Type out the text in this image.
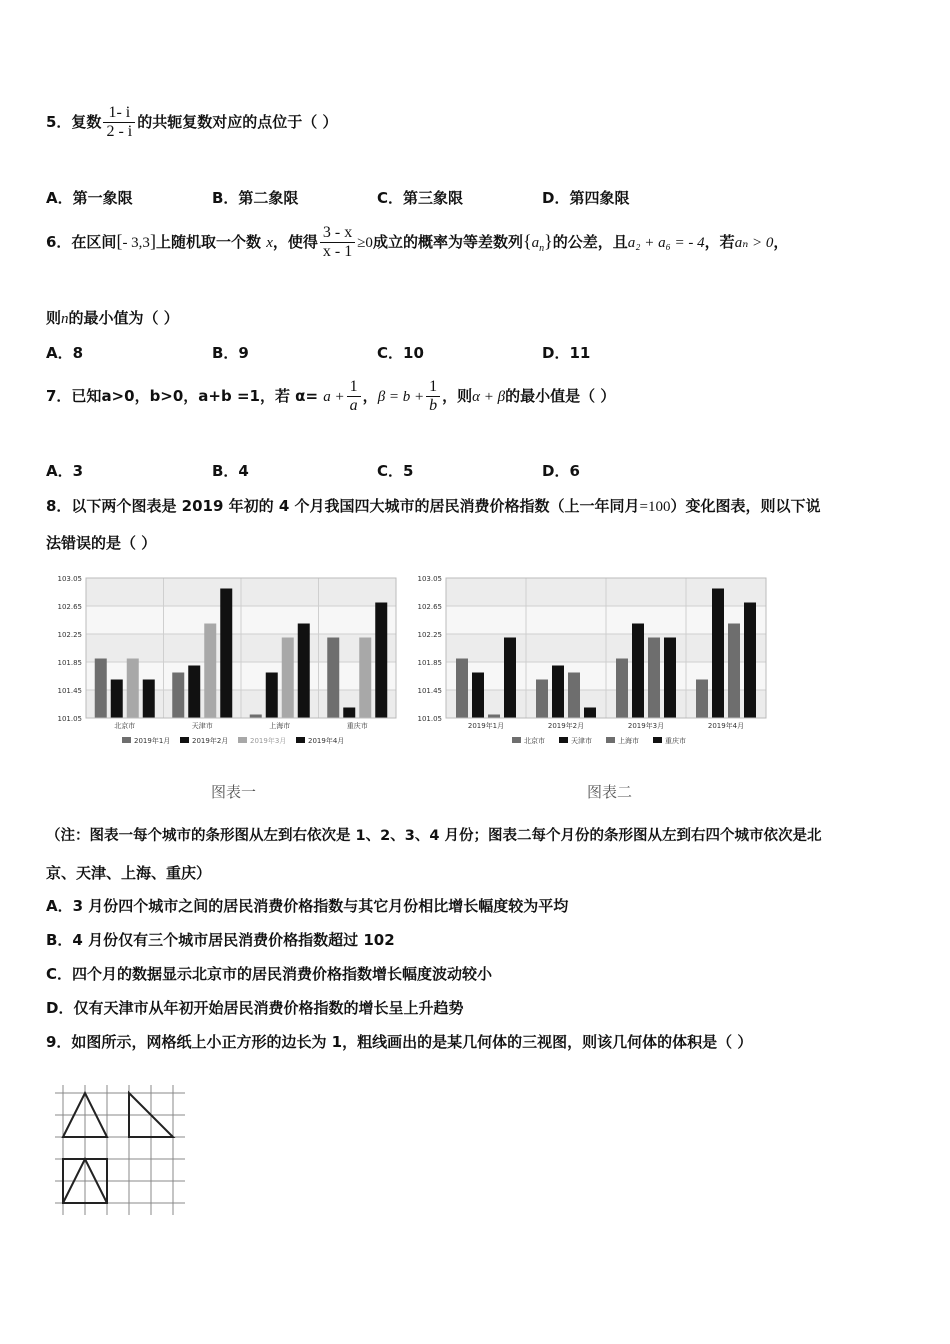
5．复数 $\frac{1- i}{2 - i}$ 的共轭复数对应的点位于（ ）
A．第一象限	B．第二象限	C．第三象限	D．第四象限
6．在区间[- 3,3]上随机取一个数 x，使得 $\frac{3 - x}{x - 1} \ge 0$成立的概率为等差数列$\{a_n\}$的公差，且a₂ + a₆ = - 4，若aₙ > 0，
则n的最小值为（ ）
A．8	B．9	C．10	D．11
7．已知a>0，b>0，a+b =1，若 $\alpha= a + \frac{1}{a}$ ，$\beta = b + \frac{1}{b}$ ，则α + β的最小值是（ ）
A．3	B．4	C．5	D．6
8．以下两个图表是 2019 年初的 4 个月我国四大城市的居民消费价格指数（上一年同月=100）变化图表，则以下说
法错误的是（ ）
101.05
101.45
101.85
102.25
102.65
103.05
北京市	天津市	上海市	重庆市
2019年1月	2019年2月	2019年3月	2019年4月
101.05
101.45
101.85
102.25
102.65
103.05
2019年1月	2019年2月	2019年3月	2019年4月
北京市	天津市	上海市	重庆市
图表一	图表二
（注：图表一每个城市的条形图从左到右依次是 1、2、3、4 月份；图表二每个月份的条形图从左到右四个城市依次是北
京、天津、上海、重庆）
A．3 月份四个城市之间的居民消费价格指数与其它月份相比增长幅度较为平均
B．4 月份仅有三个城市居民消费价格指数超过 102
C．四个月的数据显示北京市的居民消费价格指数增长幅度波动较小
D．仅有天津市从年初开始居民消费价格指数的增长呈上升趋势
9．如图所示，网格纸上小正方形的边长为 1，粗线画出的是某几何体的三视图，则该几何体的体积是（ ）
